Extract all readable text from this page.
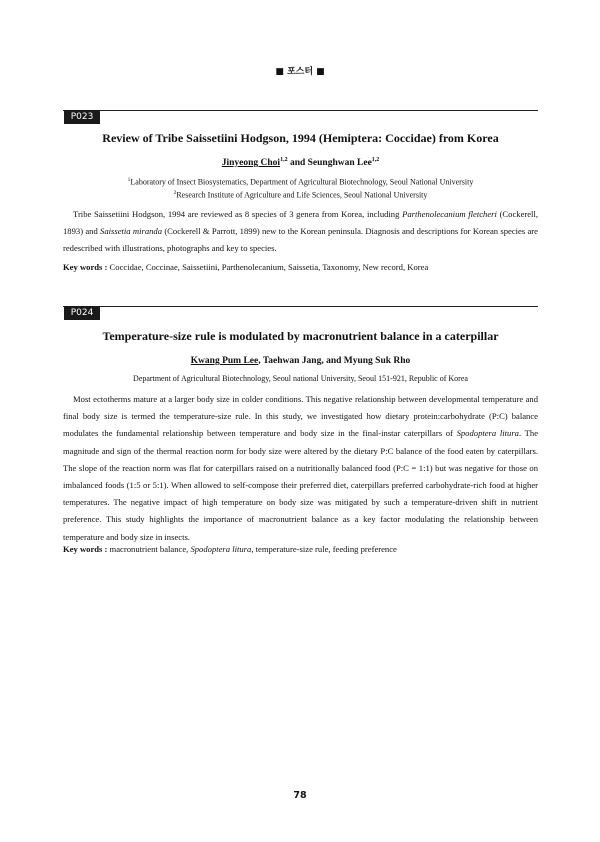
■ 포스터 ■
P023
Review of Tribe Saissetiini Hodgson, 1994 (Hemiptera: Coccidae) from Korea
Jinyeong Choi$^{1,2}$ and Seunghwan Lee$^{1,2}$
$^1$Laboratory of Insect Biosystematics, Department of Agricultural Biotechnology, Seoul National University
$^2$Research Institute of Agriculture and Life Sciences, Seoul National University

Tribe Saissetiini Hodgson, 1994 are reviewed as 8 species of 3 genera from Korea, including Parthenolecanium fletcheri (Cockerell, 1893) and Saissetia miranda (Cockerell & Parrott, 1899) new to the Korean peninsula. Diagnosis and descriptions for Korean species are redescribed with illustrations, photographs and key to species.

Key words : Coccidae, Coccinae, Saissetiini, Parthenolecanium, Saissetia, Taxonomy, New record, Korea
P024
Temperature-size rule is modulated by macronutrient balance in a caterpillar
Kwang Pum Lee, Taehwan Jang, and Myung Suk Rho
Department of Agricultural Biotechnology, Seoul national University, Seoul 151-921, Republic of Korea

Most ectotherms mature at a larger body size in colder conditions. This negative relationship between developmental temperature and final body size is termed the temperature-size rule. In this study, we investigated how dietary protein:carbohydrate (P:C) balance modulates the fundamental relationship between temperature and body size in the final-instar caterpillars of Spodoptera litura. The magnitude and sign of the thermal reaction norm for body size were altered by the dietary P:C balance of the food eaten by caterpillars. The slope of the reaction norm was flat for caterpillars raised on a nutritionally balanced food (P:C = 1:1) but was negative for those on imbalanced foods (1:5 or 5:1). When allowed to self-compose their preferred diet, caterpillars preferred carbohydrate-rich food at higher temperatures. The negative impact of high temperature on body size was mitigated by such a temperature-driven shift in nutrient preference. This study highlights the importance of macronutrient balance as a key factor modulating the relationship between temperature and body size in insects.

Key words : macronutrient balance, Spodoptera litura, temperature-size rule, feeding preference
78
